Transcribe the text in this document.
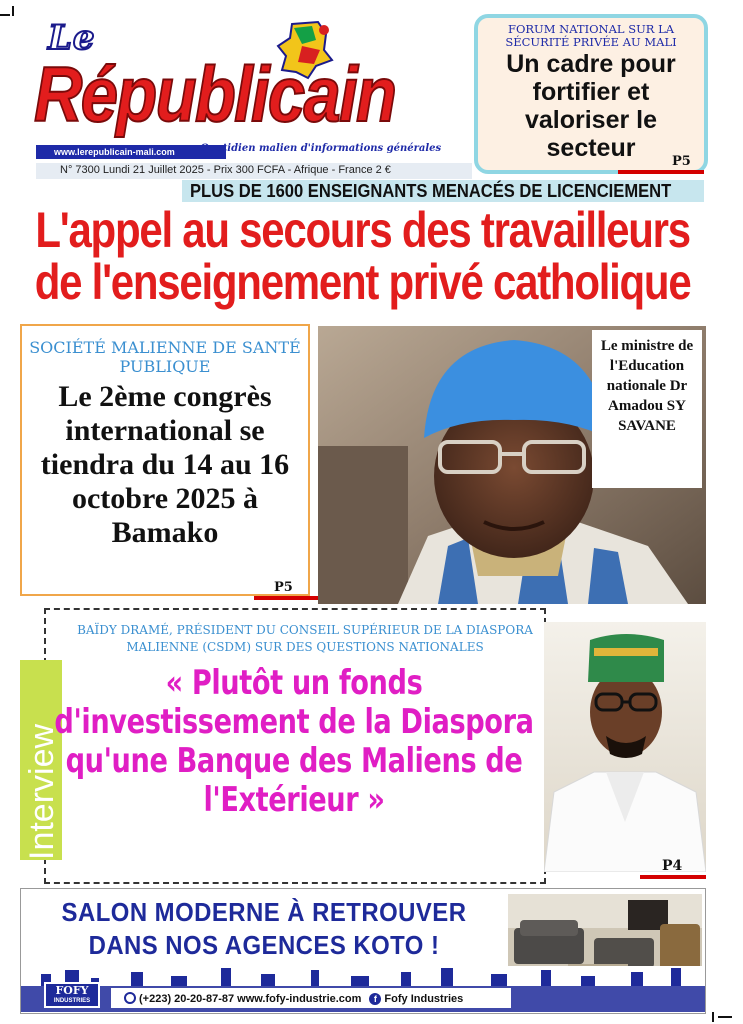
Le
Républicain
www.lerepublicain-mali.com	Quotidien malien d'informations générales
N° 7300 Lundi 21 Juillet 2025 - Prix 300 FCFA - Afrique - France 2 €
FORUM NATIONAL SUR LA SÉCURITÉ PRIVÉE AU MALI
Un cadre pour fortifier et valoriser le secteur	P5
PLUS DE 1600 ENSEIGNANTS MENACÉS DE LICENCIEMENT
L'appel au secours des travailleurs de l'enseignement privé catholique
SOCIÉTÉ MALIENNE DE SANTÉ PUBLIQUE
Le 2ème congrès international se tiendra du 14 au 16 octobre 2025 à Bamako
P5
Le ministre de l'Education nationale Dr Amadou SY SAVANE
Interview
BAÏDY DRAMÉ, PRÉSIDENT DU CONSEIL SUPÉRIEUR DE LA DIASPORA MALIENNE (CSDM) SUR DES QUESTIONS NATIONALES
« Plutôt un fonds d'investissement de la Diaspora qu'une Banque des Maliens de l'Extérieur »
P4
SALON MODERNE À RETROUVER DANS NOS AGENCES KOTO !
FOFY
INDUSTRIES	(+223) 20-20-87-87 www.fofy-industrie.com f Fofy Industries
